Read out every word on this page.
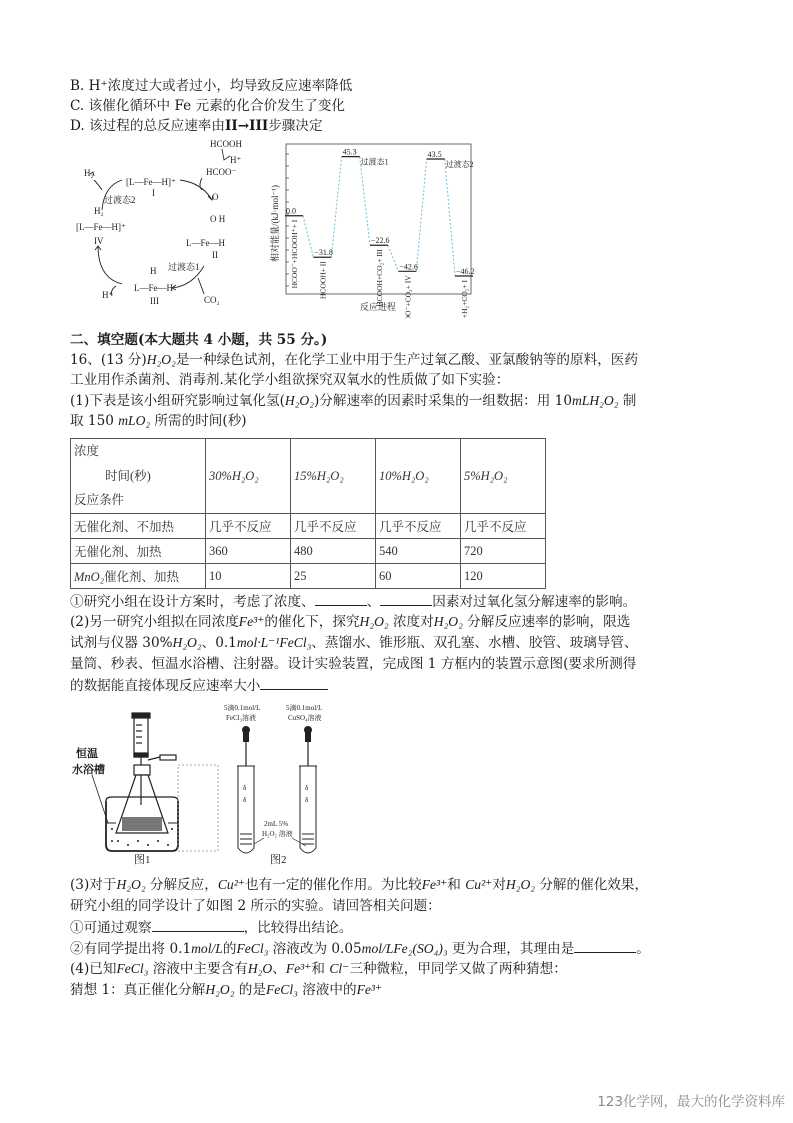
B. H⁺浓度过大或者过小，均导致反应速率降低
C. 该催化循环中 Fe 元素的化合价发生了变化
D. 该过程的总反应速率由II→III步骤决定
HCOOH
H⁺
HCOO⁻
H₂
[L—Fe—H]⁺
I
过渡态2
H₂
[L—Fe—H]⁺
IV
O
O H
L—Fe—H
II
过渡态1
H
L—Fe—H
III
H⁺	CO₂
相对能量/(kJ·mol⁻¹)
反应进程
0.0
HCOO⁻+HCOOH⁺+ I −31.8
HCOOH+ II
45.3
过渡态1
−22.6
HCOOH+CO₂+ III −42.6
HCOO⁻+CO₂+ IV
43.5
过渡态2
−46.2
HCOO⁻+H₂+CO₂+ I
二、填空题(本大题共 4 小题，共 55 分。)
16、(13 分)H₂O₂是一种绿色试剂，在化学工业中用于生产过氧乙酸、亚氯酸钠等的原料，医药
工业用作杀菌剂、消毒剂.某化学小组欲探究双氧水的性质做了如下实验：
(1)下表是该小组研究影响过氧化氢(H₂O₂)分解速率的因素时采集的一组数据：用 10mLH₂O₂ 制
取 150 mLO₂ 所需的时间(秒)
浓度
时间(秒)
反应条件	30%H₂O₂	15%H₂O₂	10%H₂O₂	5%H₂O₂
无催化剂、不加热	几乎不反应	几乎不反应	几乎不反应	几乎不反应
无催化剂、加热	360	480	540	720
MnO₂催化剂、加热	10	25	60	120
①研究小组在设计方案时，考虑了浓度、	、	因素对过氧化氢分解速率的影响。
(2)另一研究小组拟在同浓度Fe³⁺的催化下，探究H₂O₂ 浓度对H₂O₂ 分解反应速率的影响，限选
试剂与仪器 30%H₂O₂、0.1mol·L⁻¹FeCl₃、蒸馏水、锥形瓶、双孔塞、水槽、胶管、玻璃导管、
量筒、秒表、恒温水浴槽、注射器。设计实验装置，完成图 1 方框内的装置示意图(要求所测得
的数据能直接体现反应速率大小
恒温
水浴槽
图1
5滴0.1mol/L
FeCl₃溶液
5滴0.1mol/L
CuSO₄溶液
δ
δ
δ
δ
2mL 5%
H₂O₂ 溶液
图2
(3)对于H₂O₂ 分解反应，Cu²⁺也有一定的催化作用。为比较Fe³⁺和 Cu²⁺对H₂O₂ 分解的催化效果，
研究小组的同学设计了如图 2 所示的实验。请回答相关问题：
①可通过观察	，比较得出结论。
②有同学提出将 0.1mol/L的FeCl₃ 溶液改为 0.05mol/LFe₂(SO₄)₃ 更为合理，其理由是	。
(4)已知FeCl₃ 溶液中主要含有H₂O、Fe³⁺和 Cl⁻三种微粒，甲同学又做了两种猜想：
猜想 1：真正催化分解H₂O₂ 的是FeCl₃ 溶液中的Fe³⁺
123化学网，最大的化学资料库
